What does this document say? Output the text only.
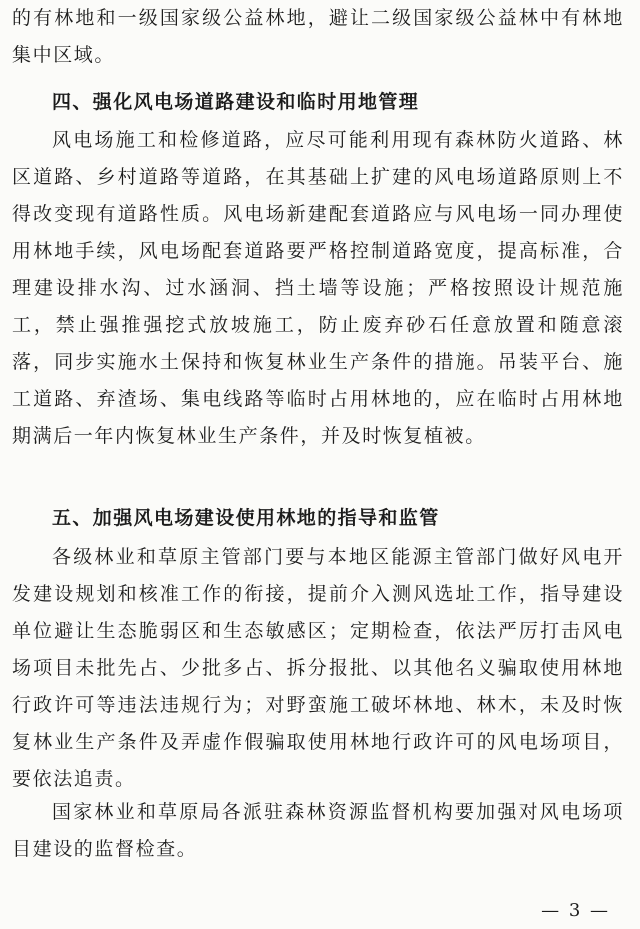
的有林地和一级国家级公益林地，避让二级国家级公益林中有林地集中区域。

四、强化风电场道路建设和临时用地管理

风电场施工和检修道路，应尽可能利用现有森林防火道路、林区道路、乡村道路等道路，在其基础上扩建的风电场道路原则上不得改变现有道路性质。风电场新建配套道路应与风电场一同办理使用林地手续，风电场配套道路要严格控制道路宽度，提高标准，合理建设排水沟、过水涵洞、挡土墙等设施；严格按照设计规范施工，禁止强推强挖式放坡施工，防止废弃砂石任意放置和随意滚落，同步实施水土保持和恢复林业生产条件的措施。吊装平台、施工道路、弃渣场、集电线路等临时占用林地的，应在临时占用林地期满后一年内恢复林业生产条件，并及时恢复植被。

五、加强风电场建设使用林地的指导和监管

各级林业和草原主管部门要与本地区能源主管部门做好风电开发建设规划和核准工作的衔接，提前介入测风选址工作，指导建设单位避让生态脆弱区和生态敏感区；定期检查，依法严厉打击风电场项目未批先占、少批多占、拆分报批、以其他名义骗取使用林地行政许可等违法违规行为；对野蛮施工破坏林地、林木，未及时恢复林业生产条件及弄虚作假骗取使用林地行政许可的风电场项目，要依法追责。

国家林业和草原局各派驻森林资源监督机构要加强对风电场项目建设的监督检查。

— 3 —
